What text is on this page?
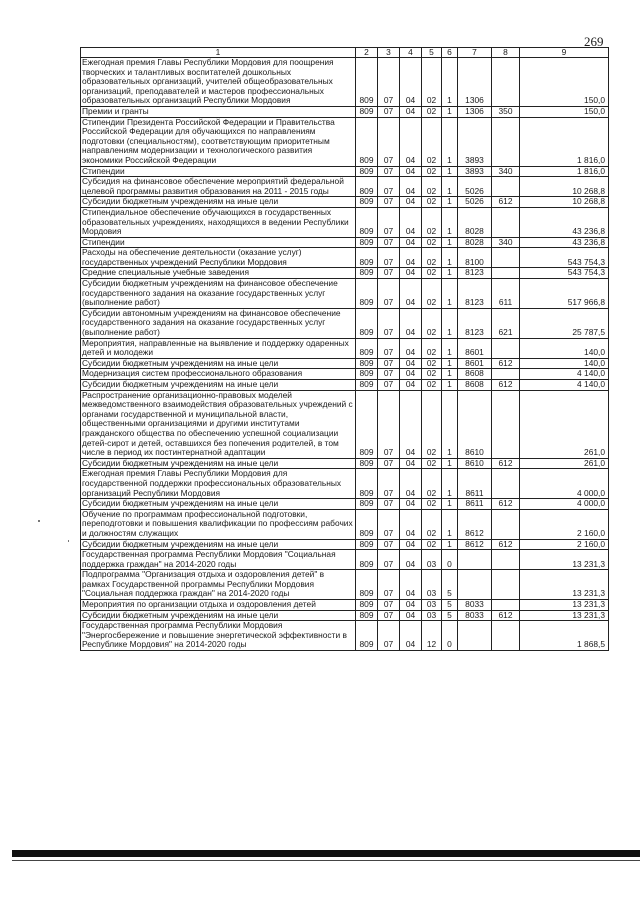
269
1	2	3	4	5	6	7	8	9
Ежегодная премия Главы Республики Мордовия для поощрения творческих и талантливых воспитателей дошкольных образовательных организаций, учителей общеобразовательных организаций, преподавателей и мастеров профессиональных образовательных организаций Республики Мордовия	809	07	04	02	1	1306		150,0
Премии и гранты	809	07	04	02	1	1306	350	150,0
Стипендии Президента Российской Федерации и Правительства Российской Федерации для обучающихся по направлениям подготовки (специальностям), соответствующим приоритетным направлениям модернизации и технологического развития экономики Российской Федерации	809	07	04	02	1	3893		1 816,0
Стипендии	809	07	04	02	1	3893	340	1 816,0
Субсидия на финансовое обеспечение мероприятий федеральной целевой программы развития образования на 2011 - 2015 годы	809	07	04	02	1	5026		10 268,8
Субсидии бюджетным учреждениям на иные цели	809	07	04	02	1	5026	612	10 268,8
Стипендиальное обеспечение обучающихся в государственных образовательных учреждениях, находящихся в ведении Республики Мордовия	809	07	04	02	1	8028		43 236,8
Стипендии	809	07	04	02	1	8028	340	43 236,8
Расходы на обеспечение деятельности (оказание услуг) государственных учреждений Республики Мордовия	809	07	04	02	1	8100		543 754,3
Средние специальные учебные заведения	809	07	04	02	1	8123		543 754,3
Субсидии бюджетным учреждениям на финансовое обеспечение государственного задания на оказание государственных услуг (выполнение работ)	809	07	04	02	1	8123	611	517 966,8
Субсидии автономным учреждениям на финансовое обеспечение государственного задания на оказание государственных услуг (выполнение работ)	809	07	04	02	1	8123	621	25 787,5
Мероприятия, направленные на выявление и поддержку одаренных детей и молодежи	809	07	04	02	1	8601		140,0
Субсидии бюджетным учреждениям на иные цели	809	07	04	02	1	8601	612	140,0
Модернизация систем профессионального образования	809	07	04	02	1	8608		4 140,0
Субсидии бюджетным учреждениям на иные цели	809	07	04	02	1	8608	612	4 140,0
Распространение организационно-правовых моделей межведомственного взаимодействия образовательных учреждений с органами государственной и муниципальной власти, общественными организациями и другими институтами гражданского общества по обеспечению успешной социализации детей-сирот и детей, оставшихся без попечения родителей, в том числе в период их постинтернатной адаптации	809	07	04	02	1	8610		261,0
Субсидии бюджетным учреждениям на иные цели	809	07	04	02	1	8610	612	261,0
Ежегодная премия Главы Республики Мордовия для государственной поддержки профессиональных образовательных организаций Республики Мордовия	809	07	04	02	1	8611		4 000,0
Субсидии бюджетным учреждениям на иные цели	809	07	04	02	1	8611	612	4 000,0
Обучение по программам профессиональной подготовки, переподготовки и повышения квалификации по профессиям рабочих и должностям служащих	809	07	04	02	1	8612		2 160,0
Субсидии бюджетным учреждениям на иные цели	809	07	04	02	1	8612	612	2 160,0
Государственная программа Республики Мордовия "Социальная поддержка граждан" на 2014-2020 годы	809	07	04	03	0			13 231,3
Подпрограмма "Организация отдыха и оздоровления детей" в рамках Государственной программы Республики Мордовия "Социальная поддержка граждан" на 2014-2020 годы	809	07	04	03	5			13 231,3
Мероприятия по организации отдыха и оздоровления детей	809	07	04	03	5	8033		13 231,3
Субсидии бюджетным учреждениям на иные цели	809	07	04	03	5	8033	612	13 231,3
Государственная программа Республики Мордовия "Энергосбережение и повышение энергетической эффективности в Республике Мордовия" на 2014-2020 годы	809	07	04	12	0			1 868,5
